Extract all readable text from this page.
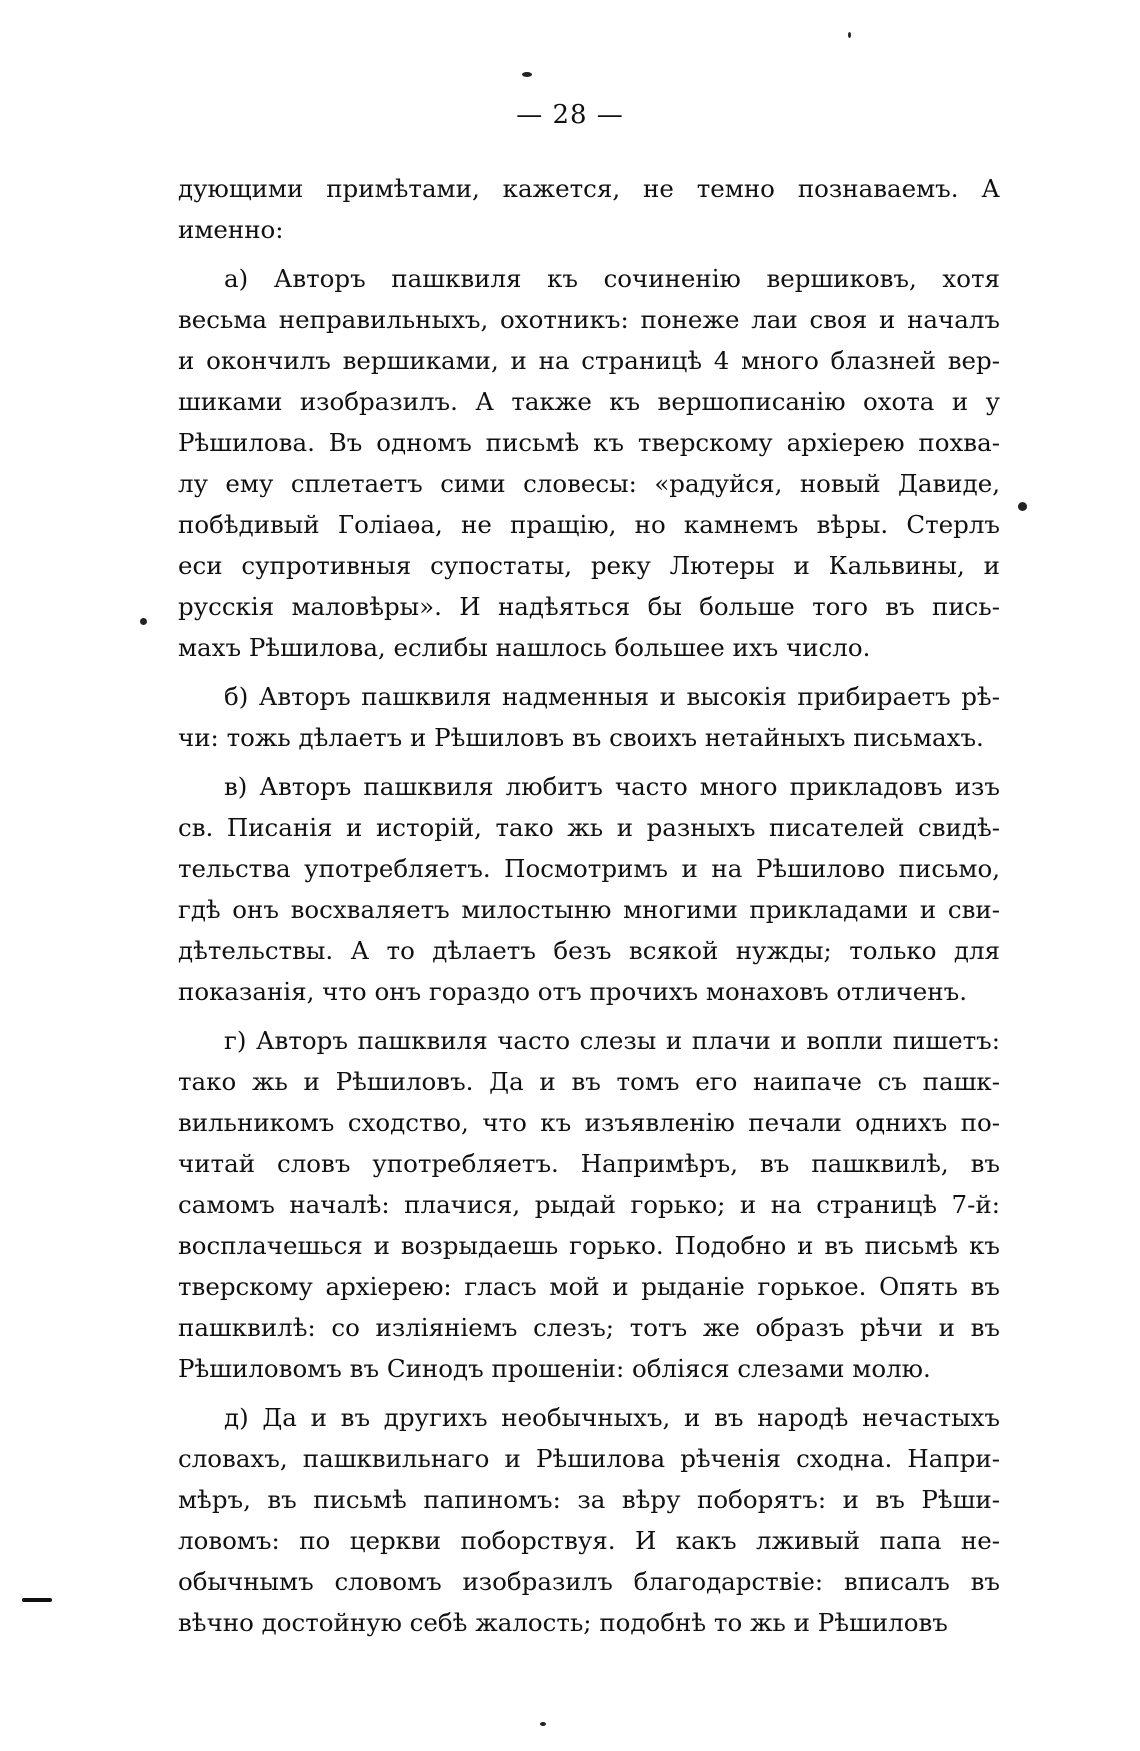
— 28 —
дующими примѣтами, кажется, не темно познаваемъ. А
именно:
а) Авторъ пашквиля къ сочиненію вершиковъ, хотя
весьма неправильныхъ, охотникъ: понеже лаи своя и началъ
и окончилъ вершиками, и на страницѣ 4 много блазней вер-
шиками изобразилъ. А также къ вершописанію охота и у
Рѣшилова. Въ одномъ письмѣ къ тверскому архіерею похва-
лу ему сплетаетъ сими словесы: «радуйся, новый Давиде,
побѣдивый Голіаѳа, не пращію, но камнемъ вѣры. Стерлъ
еси супротивныя супостаты, реку Лютеры и Кальвины, и
русскія маловѣры». И надѣяться бы больше того въ пись-
махъ Рѣшилова, еслибы нашлось большее ихъ число.
б) Авторъ пашквиля надменныя и высокія прибираетъ рѣ-
чи: тожь дѣлаетъ и Рѣшиловъ въ своихъ нетайныхъ письмахъ.
в) Авторъ пашквиля любитъ часто много прикладовъ изъ
св. Писанія и исторій, тако жь и разныхъ писателей свидѣ-
тельства употребляетъ. Посмотримъ и на Рѣшилово письмо,
гдѣ онъ восхваляетъ милостыню многими прикладами и сви-
дѣтельствы. А то дѣлаетъ безъ всякой нужды; только для
показанія, что онъ гораздо отъ прочихъ монаховъ отличенъ.
г) Авторъ пашквиля часто слезы и плачи и вопли пишетъ:
тако жь и Рѣшиловъ. Да и въ томъ его наипаче съ пашк-
вильникомъ сходство, что къ изъявленію печали однихъ по-
читай словъ употребляетъ. Напримѣръ, въ пашквилѣ, въ
самомъ началѣ: плачися, рыдай горько; и на страницѣ 7-й:
восплачешься и возрыдаешь горько. Подобно и въ письмѣ къ
тверскому архіерею: гласъ мой и рыданіе горькое. Опять въ
пашквилѣ: со изліяніемъ слезъ; тотъ же образъ рѣчи и въ
Рѣшиловомъ въ Синодъ прошеніи: обліяся слезами молю.
д) Да и въ другихъ необычныхъ, и въ народѣ нечастыхъ
словахъ, пашквильнаго и Рѣшилова рѣченія сходна. Напри-
мѣръ, въ письмѣ папиномъ: за вѣру поборятъ: и въ Рѣши-
ловомъ: по церкви поборствуя. И какъ лживый папа не-
обычнымъ словомъ изобразилъ благодарствіе: вписалъ въ
вѣчно достойную себѣ жалость; подобнѣ то жь и Рѣшиловъ
